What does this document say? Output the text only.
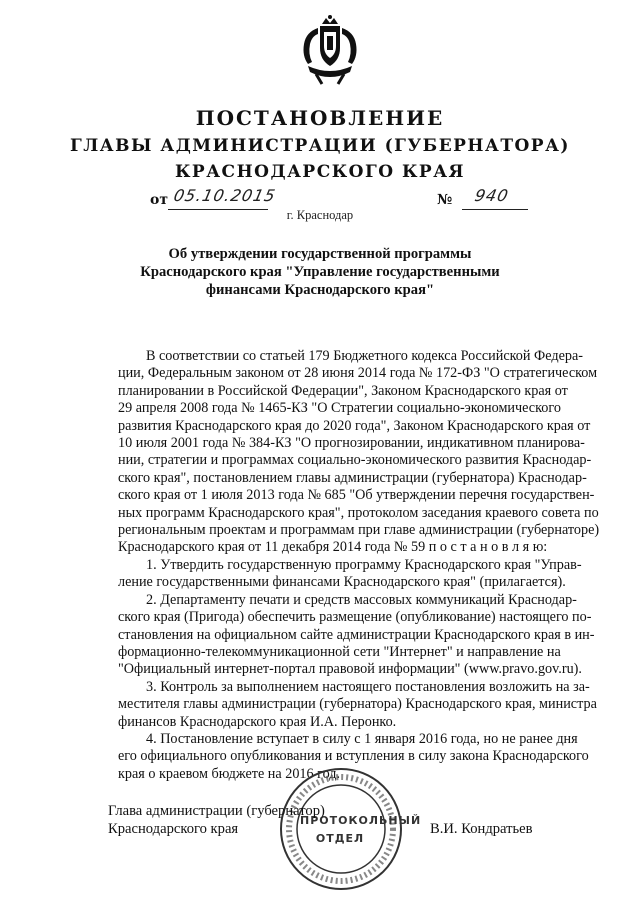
ПОСТАНОВЛЕНИЕ
ГЛАВЫ АДМИНИСТРАЦИИ (ГУБЕРНАТОРА)
КРАСНОДАРСКОГО КРАЯ
от 05.10.2015	№ 940
г. Краснодар
Об утверждении государственной программы
Краснодарского края "Управление государственными
финансами Краснодарского края"
В соответствии со статьей 179 Бюджетного кодекса Российской Федера-
ции, Федеральным законом от 28 июня 2014 года № 172-ФЗ "О стратегическом
планировании в Российской Федерации", Законом Краснодарского края от
29 апреля 2008 года № 1465-КЗ "О Стратегии социально-экономического
развития Краснодарского края до 2020 года", Законом Краснодарского края от
10 июля 2001 года № 384-КЗ "О прогнозировании, индикативном планирова-
нии, стратегии и программах социально-экономического развития Краснодар-
ского края", постановлением главы администрации (губернатора) Краснодар-
ского края от 1 июля 2013 года № 685 "Об утверждении перечня государствен-
ных программ Краснодарского края", протоколом заседания краевого совета по
региональным проектам и программам при главе администрации (губернаторе)
Краснодарского края от 11 декабря 2014 года № 59 п о с т а н о в л я ю:
1. Утвердить государственную программу Краснодарского края "Управ-
ление государственными финансами Краснодарского края" (прилагается).
2. Департаменту печати и средств массовых коммуникаций Краснодар-
ского края (Пригода) обеспечить размещение (опубликование) настоящего по-
становления на официальном сайте администрации Краснодарского края в ин-
формационно-телекоммуникационной сети "Интернет" и направление на
"Официальный интернет-портал правовой информации" (www.pravo.gov.ru).
3. Контроль за выполнением настоящего постановления возложить на за-
местителя главы администрации (губернатора) Краснодарского края, министра
финансов Краснодарского края И.А. Перонко.
4. Постановление вступает в силу с 1 января 2016 года, но не ранее дня
его официального опубликования и вступления в силу закона Краснодарского
края о краевом бюджете на 2016 год.
ПРОТОКОЛЬНЫЙ
ОТДЕЛ
Глава администрации (губернатор)
Краснодарского края	В.И. Кондратьев
